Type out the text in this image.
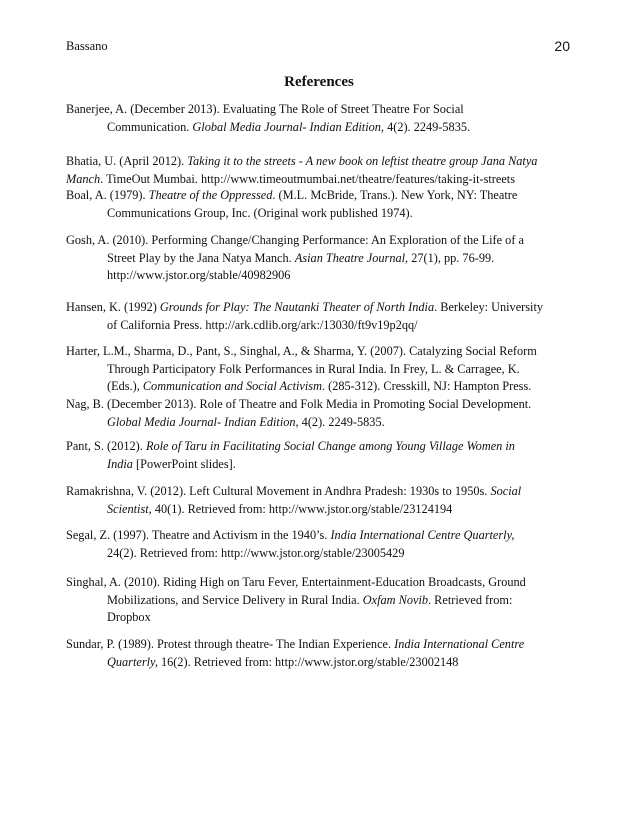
Bassano	20
References
Banerjee, A. (December 2013). Evaluating The Role of Street Theatre For Social
Communication. Global Media Journal- Indian Edition, 4(2). 2249-5835.
Bhatia, U. (April 2012). Taking it to the streets - A new book on leftist theatre group Jana Natya
Manch. TimeOut Mumbai. http://www.timeoutmumbai.net/theatre/features/taking-it-streets
Boal, A. (1979). Theatre of the Oppressed. (M.L. McBride, Trans.). New York, NY: Theatre
Communications Group, Inc. (Original work published 1974).
Gosh, A. (2010). Performing Change/Changing Performance: An Exploration of the Life of a
Street Play by the Jana Natya Manch. Asian Theatre Journal, 27(1), pp. 76-99.
http://www.jstor.org/stable/40982906
Hansen, K. (1992) Grounds for Play: The Nautanki Theater of North India. Berkeley: University
of California Press. http://ark.cdlib.org/ark:/13030/ft9v19p2qq/
Harter, L.M., Sharma, D., Pant, S., Singhal, A., & Sharma, Y. (2007). Catalyzing Social Reform
Through Participatory Folk Performances in Rural India. In Frey, L. & Carragee, K.
(Eds.), Communication and Social Activism. (285-312). Cresskill, NJ: Hampton Press.
Nag, B. (December 2013). Role of Theatre and Folk Media in Promoting Social Development.
Global Media Journal- Indian Edition, 4(2). 2249-5835.
Pant, S. (2012). Role of Taru in Facilitating Social Change among Young Village Women in
India [PowerPoint slides].
Ramakrishna, V. (2012). Left Cultural Movement in Andhra Pradesh: 1930s to 1950s. Social
Scientist, 40(1). Retrieved from: http://www.jstor.org/stable/23124194
Segal, Z. (1997). Theatre and Activism in the 1940’s. India International Centre Quarterly,
24(2). Retrieved from: http://www.jstor.org/stable/23005429
Singhal, A. (2010). Riding High on Taru Fever, Entertainment-Education Broadcasts, Ground
Mobilizations, and Service Delivery in Rural India. Oxfam Novib. Retrieved from:
Dropbox
Sundar, P. (1989). Protest through theatre- The Indian Experience. India International Centre
Quarterly, 16(2). Retrieved from: http://www.jstor.org/stable/23002148
